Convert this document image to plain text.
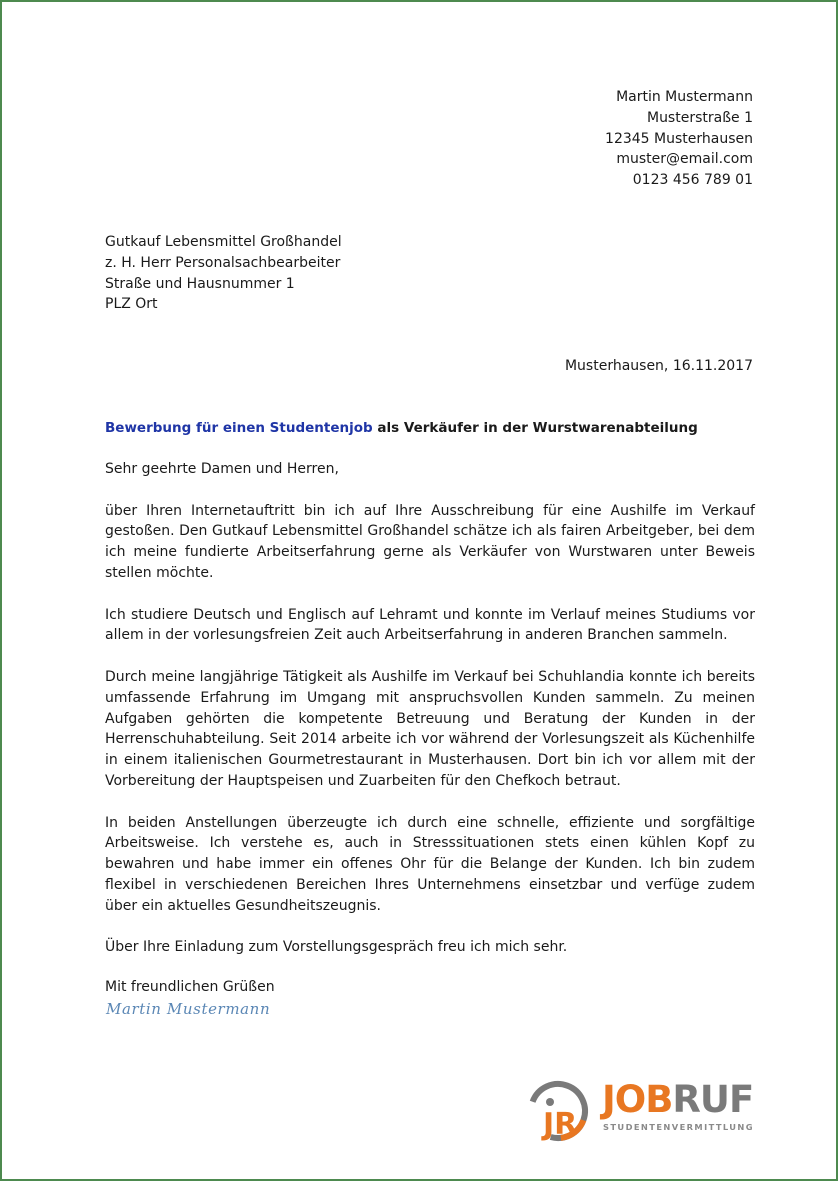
Martin Mustermann
Musterstraße 1
12345 Musterhausen
muster@email.com
0123 456 789 01
Gutkauf Lebensmittel Großhandel
z. H. Herr Personalsachbearbeiter
Straße und Hausnummer 1
PLZ Ort
Musterhausen, 16.11.2017
Bewerbung für einen Studentenjob als Verkäufer in der Wurstwarenabteilung

Sehr geehrte Damen und Herren,

über Ihren Internetauftritt bin ich auf Ihre Ausschreibung für eine Aushilfe im Verkauf gestoßen. Den Gutkauf Lebensmittel Großhandel schätze ich als fairen Arbeitgeber, bei dem ich meine fundierte Arbeitserfahrung gerne als Verkäufer von Wurstwaren unter Beweis stellen möchte.

Ich studiere Deutsch und Englisch auf Lehramt und konnte im Verlauf meines Studiums vor allem in der vorlesungsfreien Zeit auch Arbeitserfahrung in anderen Branchen sammeln.

Durch meine langjährige Tätigkeit als Aushilfe im Verkauf bei Schuhlandia konnte ich bereits umfassende Erfahrung im Umgang mit anspruchsvollen Kunden sammeln. Zu meinen Aufgaben gehörten die kompetente Betreuung und Beratung der Kunden in der Herrenschuhabteilung. Seit 2014 arbeite ich vor während der Vorlesungszeit als Küchenhilfe in einem italienischen Gourmetrestaurant in Musterhausen. Dort bin ich vor allem mit der Vorbereitung der Hauptspeisen und Zuarbeiten für den Chefkoch betraut.

In beiden Anstellungen überzeugte ich durch eine schnelle, effiziente und sorgfältige Arbeitsweise. Ich verstehe es, auch in Stresssituationen stets einen kühlen Kopf zu bewahren und habe immer ein offenes Ohr für die Belange der Kunden. Ich bin zudem flexibel in verschiedenen Bereichen Ihres Unternehmens einsetzbar und verfüge zudem über ein aktuelles Gesundheitszeugnis.

Über Ihre Einladung zum Vorstellungsgespräch freu ich mich sehr.

Mit freundlichen Grüßen
Martin Mustermann
JR
JOBRUF
STUDENTENVERMITTLUNG
